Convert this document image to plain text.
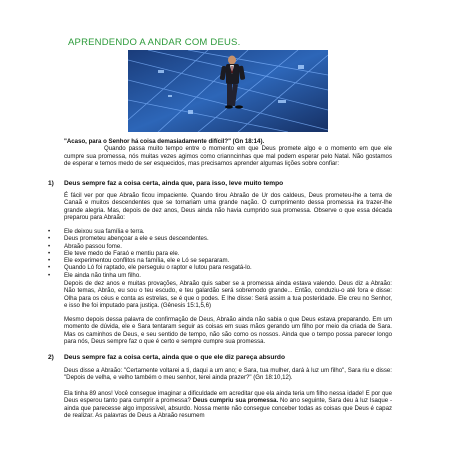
APRENDENDO A ANDAR COM DEUS.

"Acaso, para o Senhor há coisa demasiadamente difícil?" (Gn 18:14).

Quando passa muito tempo entre o momento em que Deus promete algo e o momento em que ele cumpre sua promessa, nós muitas vezes agimos como crianncinhas que mal podem esperar pelo Natal. Não gostamos de esperar e temos medo de ser esquecidos, mas precisamos aprender algumas lições sobre confiar:

1) Deus sempre faz a coisa certa, ainda que, para isso, leve muito tempo
É fácil ver por que Abraão ficou impaciente. Quando tirou Abraão de Ur dos caldeus, Deus prometeu-lhe a terra de Canaã e muitos descendentes que se tornariam uma grande nação. O cumprimento dessa promessa ira trazer-lhe grande alegria. Mas, depois de dez anos, Deus ainda não havia cumprido sua promessa. Observe o que essa década preparou para Abraão:
•	Ele deixou sua família e terra.
•	Deus prometeu abençoar a ele e seus descendentes.
•	Abraão passou fome.
•	Ele teve medo de Faraó e mentiu para ele.
•	Ele experimentou conflitos na família, ele e Ló se separaram.
•	Quando Ló foi raptado, ele perseguiu o raptor e lutou para resgatá-lo.
•	Ele ainda não tinha um filho.
Depois de dez anos e muitas provações, Abraão quis saber se a promessa ainda estava valendo. Deus diz a Abraão: Não temas, Abrão, eu sou o teu escudo, e teu galardão será sobremodo grande... Então, conduziu-o até fora e disse: Olha para os céus e conta as estrelas, se é que o podes. E lhe disse: Será assim a tua posteridade. Ele creu no Senhor, e isso lhe foi imputado para justiça. (Gênesis 15:1,5,6)
Mesmo depois dessa palavra de confirmação de Deus, Abraão ainda não sabia o que Deus estava preparando. Em um momento de dúvida, ele e Sara tentaram seguir as coisas em suas mãos gerando um filho por meio da criada de Sara. Mas os caminhos de Deus, e seu sentido de tempo, não são como os nossos. Ainda que o tempo possa parecer longo para nós, Deus sempre faz o que é certo e sempre cumpre sua promessa.
2) Deus sempre faz a coisa certa, ainda que o que ele diz pareça absurdo
Deus disse a Abraão: "Certamente voltarei a ti, daqui a um ano; e Sara, tua mulher, dará à luz um filho", Sara riu e disse: "Depois de velha, e velho também o meu senhor, terei ainda prazer?" (Gn 18:10,12).
Ela tinha 89 anos! Você consegue imaginar a dificuldade em acreditar que ela ainda teria um filho nessa idade! E por que Deus esperou tanto para cumprir a promessa? Deus cumpriu sua promessa. No ano seguinte, Sara deu à luz Isaque - ainda que parecesse algo impossível, absurdo. Nossa mente não consegue conceber todas as coisas que Deus é capaz de realizar. As palavras de Deus a Abraão resumem
